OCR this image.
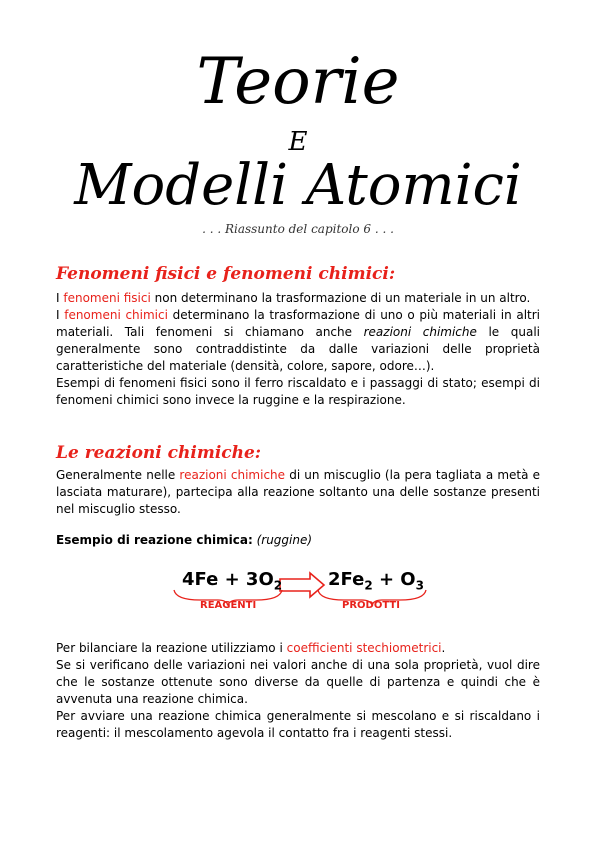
Teorie
E
Modelli Atomici
. . . Riassunto del capitolo 6 . . .
Fenomeni fisici e fenomeni chimici:

I fenomeni fisici non determinano la trasformazione di un materiale in un altro.

I fenomeni chimici determinano la trasformazione di uno o più materiali in altri materiali. Tali fenomeni si chiamano anche reazioni chimiche le quali generalmente sono contraddistinte da dalle variazioni delle proprietà caratteristiche del materiale (densità, colore, sapore, odore…).

Esempi di fenomeni fisici sono il ferro riscaldato e i passaggi di stato; esempi di fenomeni chimici sono invece la ruggine e la respirazione.

Le reazioni chimiche:

Generalmente nelle reazioni chimiche di un miscuglio (la pera tagliata a metà e lasciata maturare), partecipa alla reazione soltanto una delle sostanze presenti nel miscuglio stesso.

Esempio di reazione chimica: (ruggine)

$4Fe + 3O_2$	$2Fe_2 + O_3$
REAGENTI	PRODOTTI

Per bilanciare la reazione utilizziamo i coefficienti stechiometrici.

Se si verificano delle variazioni nei valori anche di una sola proprietà, vuol dire che le sostanze ottenute sono diverse da quelle di partenza e quindi che è avvenuta una reazione chimica.

Per avviare una reazione chimica generalmente si mescolano e si riscaldano i reagenti: il mescolamento agevola il contatto fra i reagenti stessi.
